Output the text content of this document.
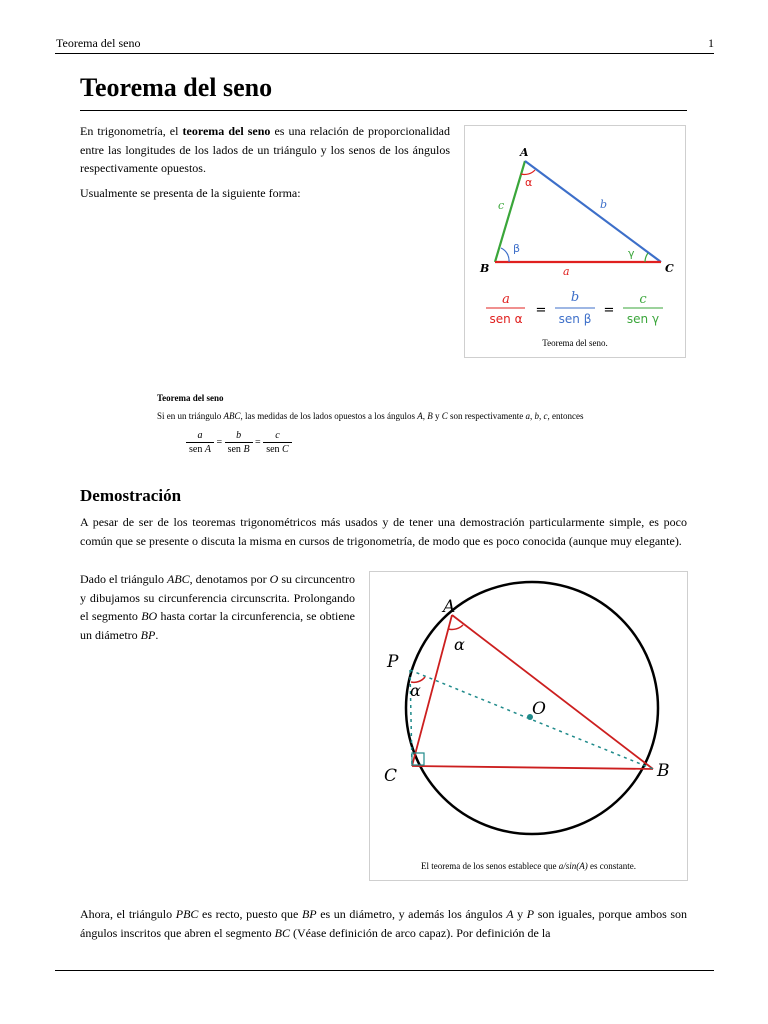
Teorema del seno	1
Teorema del seno
En trigonometría, el teorema del seno es una relación de proporcionalidad entre las longitudes de los lados de un triángulo y los senos de los ángulos respectivamente opuestos.
Usualmente se presenta de la siguiente forma:
A
B	C
α
β	γ
c	b
a
a
sen α
=
b
sen β
=
c
sen γ
Teorema del seno.
Teorema del seno
Si en un triángulo ABC, las medidas de los lados opuestos a los ángulos A, B y C son respectivamente a, b, c, entonces
$\frac{a}{\text{sen A}} = \frac{b}{\text{sen B}} = \frac{c}{\text{sen C}}$
Demostración
A pesar de ser de los teoremas trigonométricos más usados y de tener una demostración particularmente simple, es poco común que se presente o discuta la misma en cursos de trigonometría, de modo que es poco conocida (aunque muy elegante).
Dado el triángulo ABC, denotamos por O su circuncentro y dibujamos su circunferencia circunscrita. Prolongando el segmento BO hasta cortar la circunferencia, se obtiene un diámetro BP.
A
α
P
α
O
C	B
El teorema de los senos establece que a/sin(A) es constante.
Ahora, el triángulo PBC es recto, puesto que BP es un diámetro, y además los ángulos A y P son iguales, porque ambos son ángulos inscritos que abren el segmento BC (Véase definición de arco capaz). Por definición de la
